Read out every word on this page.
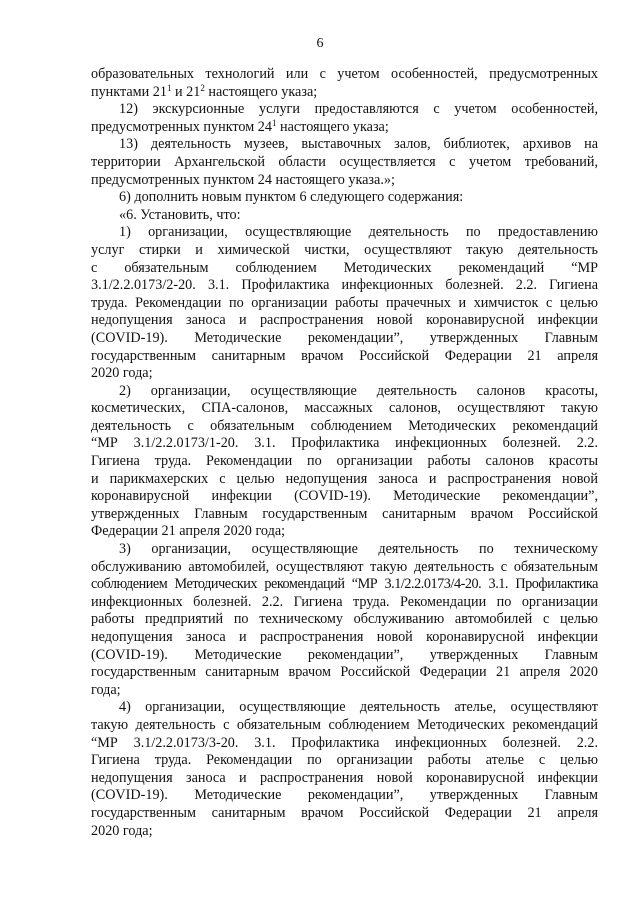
6
образовательных технологий или с учетом особенностей, предусмотренных
пунктами $21^1$ и $21^2$ настоящего указа;
12) экскурсионные услуги предоставляются с учетом особенностей,
предусмотренных пунктом $24^1$ настоящего указа;
13) деятельность музеев, выставочных залов, библиотек, архивов на
территории Архангельской области осуществляется с учетом требований,
предусмотренных пунктом 24 настоящего указа.»;
6) дополнить новым пунктом 6 следующего содержания:
«6. Установить, что:
1) организации, осуществляющие деятельность по предоставлению
услуг стирки и химической чистки, осуществляют такую деятельность
с обязательным соблюдением Методических рекомендаций “МР
3.1/2.2.0173/2-20. 3.1. Профилактика инфекционных болезней. 2.2. Гигиена
труда. Рекомендации по организации работы прачечных и химчисток с целью
недопущения заноса и распространения новой коронавирусной инфекции
(COVID-19). Методические рекомендации”, утвержденных Главным
государственным санитарным врачом Российской Федерации 21 апреля
2020 года;
2) организации, осуществляющие деятельность салонов красоты,
косметических, СПА-салонов, массажных салонов, осуществляют такую
деятельность с обязательным соблюдением Методических рекомендаций
“МР 3.1/2.2.0173/1-20. 3.1. Профилактика инфекционных болезней. 2.2.
Гигиена труда. Рекомендации по организации работы салонов красоты
и парикмахерских с целью недопущения заноса и распространения новой
коронавирусной инфекции (COVID-19). Методические рекомендации”,
утвержденных Главным государственным санитарным врачом Российской
Федерации 21 апреля 2020 года;
3) организации, осуществляющие деятельность по техническому
обслуживанию автомобилей, осуществляют такую деятельность с обязательным
соблюдением Методических рекомендаций “МР 3.1/2.2.0173/4-20. 3.1. Профилактика
инфекционных болезней. 2.2. Гигиена труда. Рекомендации по организации
работы предприятий по техническому обслуживанию автомобилей с целью
недопущения заноса и распространения новой коронавирусной инфекции
(COVID-19). Методические рекомендации”, утвержденных Главным
государственным санитарным врачом Российской Федерации 21 апреля 2020
года;
4) организации, осуществляющие деятельность ателье, осуществляют
такую деятельность с обязательным соблюдением Методических рекомендаций
“МР 3.1/2.2.0173/3-20. 3.1. Профилактика инфекционных болезней. 2.2.
Гигиена труда. Рекомендации по организации работы ателье с целью
недопущения заноса и распространения новой коронавирусной инфекции
(COVID-19). Методические рекомендации”, утвержденных Главным
государственным санитарным врачом Российской Федерации 21 апреля
2020 года;
